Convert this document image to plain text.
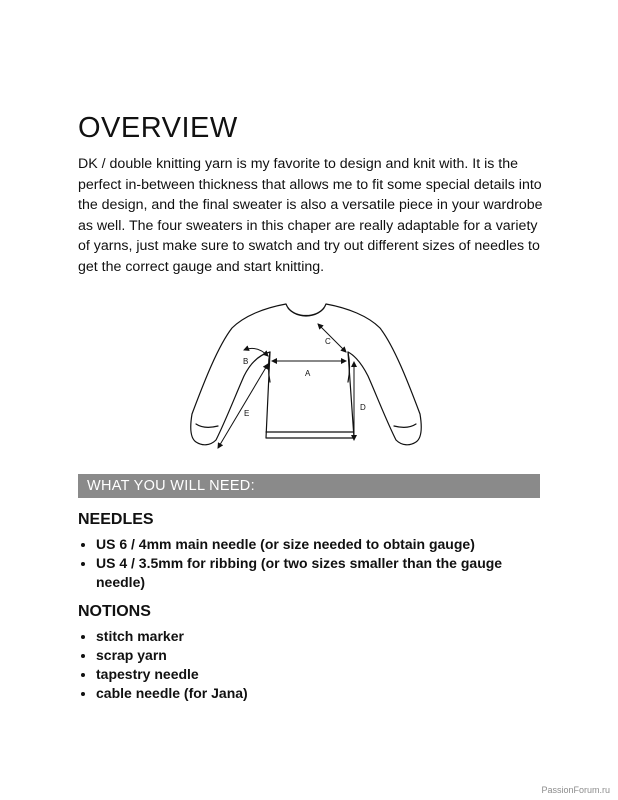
OVERVIEW

DK / double knitting yarn is my favorite to design and knit with. It is the perfect in-between thickness that allows me to fit some special details into the design, and the final sweater is also a versatile piece in your wardrobe as well. The four sweaters in this chaper are really adaptable for a variety of yarns, just make sure to swatch and try out different sizes of needles to get the correct gauge and start knitting.

A
B
C
D
E
WHAT YOU WILL NEED:
NEEDLES
US 6 / 4mm main needle (or size needed to obtain gauge)
US 4 / 3.5mm for ribbing (or two sizes smaller than the gauge needle)
NOTIONS
stitch marker
scrap yarn
tapestry needle
cable needle (for Jana)
PassionForum.ru
